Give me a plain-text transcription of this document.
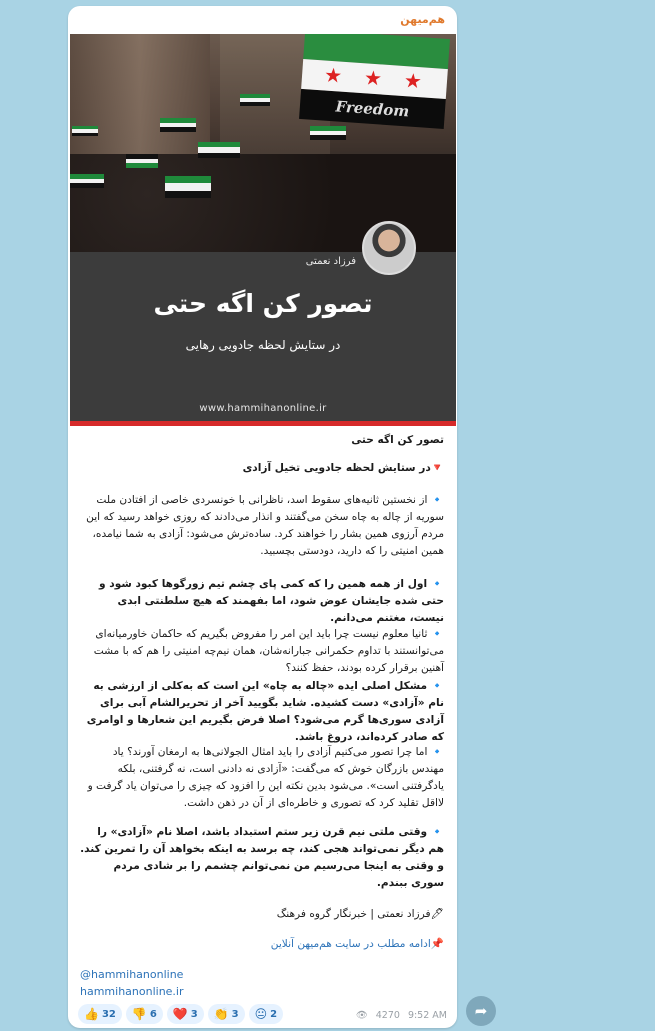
هم‌میهن
★ ★ ★
Freedom
فرزاد نعمتی
تصور کن اگه حتی
در ستایش لحظه جادویی رهایی
www.hammihanonline.ir
تصور کن اگه حتی
🔻در ستایش لحظه جادویی تخیل آزادی
🔹 از نخستین ثانیه‌های سقوط اسد، ناظرانی با خونسردی خاصی از افتادن ملت سوریه از چاله به چاه سخن می‌گفتند و انذار می‌دادند که روزی خواهد رسید که این مردم آرزوی همین بشار را خواهند کرد. ساده‌ترش می‌شود: آزادی به شما نیامده، همین امنیتی را که دارید، دودستی بچسبید.
🔹 اول از همه همین را که کمی پای چشم تیم زورگوها کبود شود و حتی شده جایشان عوض شود، اما بفهمند که هیچ سلطنتی ابدی نیست، مغتنم می‌دانم.
🔹 ثانیا معلوم نیست چرا باید این امر را مفروض بگیریم که حاکمان خاورمیانه‌ای می‌توانستند با تداوم حکمرانی جبارانه‌شان، همان نیم‌چه امنیتی را هم که با مشت آهنین برقرار کرده بودند، حفظ کنند؟
🔹 مشکل اصلی ایده «چاله به چاه» این است که به‌کلی از ارزشی به نام «آزادی» دست کشیده. شاید بگویید آخر از تحریرالشام آبی برای آزادی سوری‌ها گرم می‌شود؟ اصلا فرض بگیریم این شعارها و اوامری که صادر کرده‌اند، دروغ باشد.
🔹 اما چرا تصور می‌کنیم آزادی را باید امثال الجولانی‌ها به ارمغان آورند؟ یاد مهندس بازرگان خوش که می‌گفت: «آزادی نه دادنی است، نه گرفتنی، بلکه یادگرفتنی است». می‌شود بدین نکته این را افزود که چیزی را می‌توان یاد گرفت و لااقل تقلید کرد که تصوری و خاطره‌ای از آن در ذهن داشت.
🔹 وقتی ملتی نیم قرن زیر ستم استبداد باشد، اصلا نام «آزادی» را هم دیگر نمی‌تواند هجی کند، چه برسد به اینکه بخواهد آن را تمرین کند. و وقتی به اینجا می‌رسیم من نمی‌توانم چشمم را بر شادی مردم سوری ببندم.
🖊فرزاد نعمتی | خبرنگار گروه فرهنگ
📌ادامه مطلب در سایت هم‌میهن آنلاین
@hammihanonline
hammihanonline.ir
👍 32 👎 6 ❤️ 3 👏 3 😐 2	👁 4270 9:52 AM	➦
